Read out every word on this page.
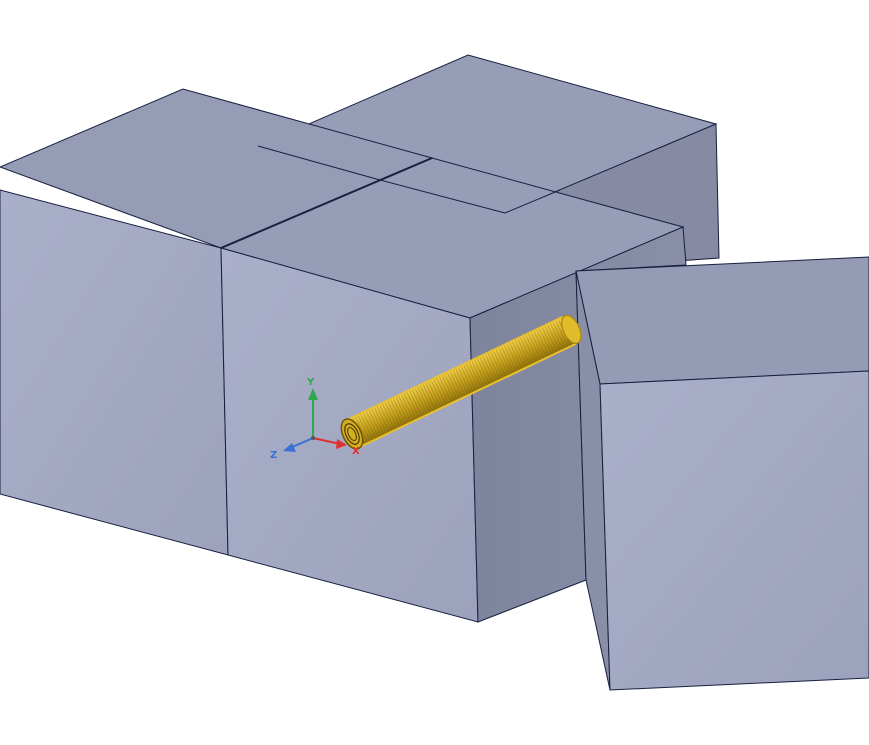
Y
Z	X
